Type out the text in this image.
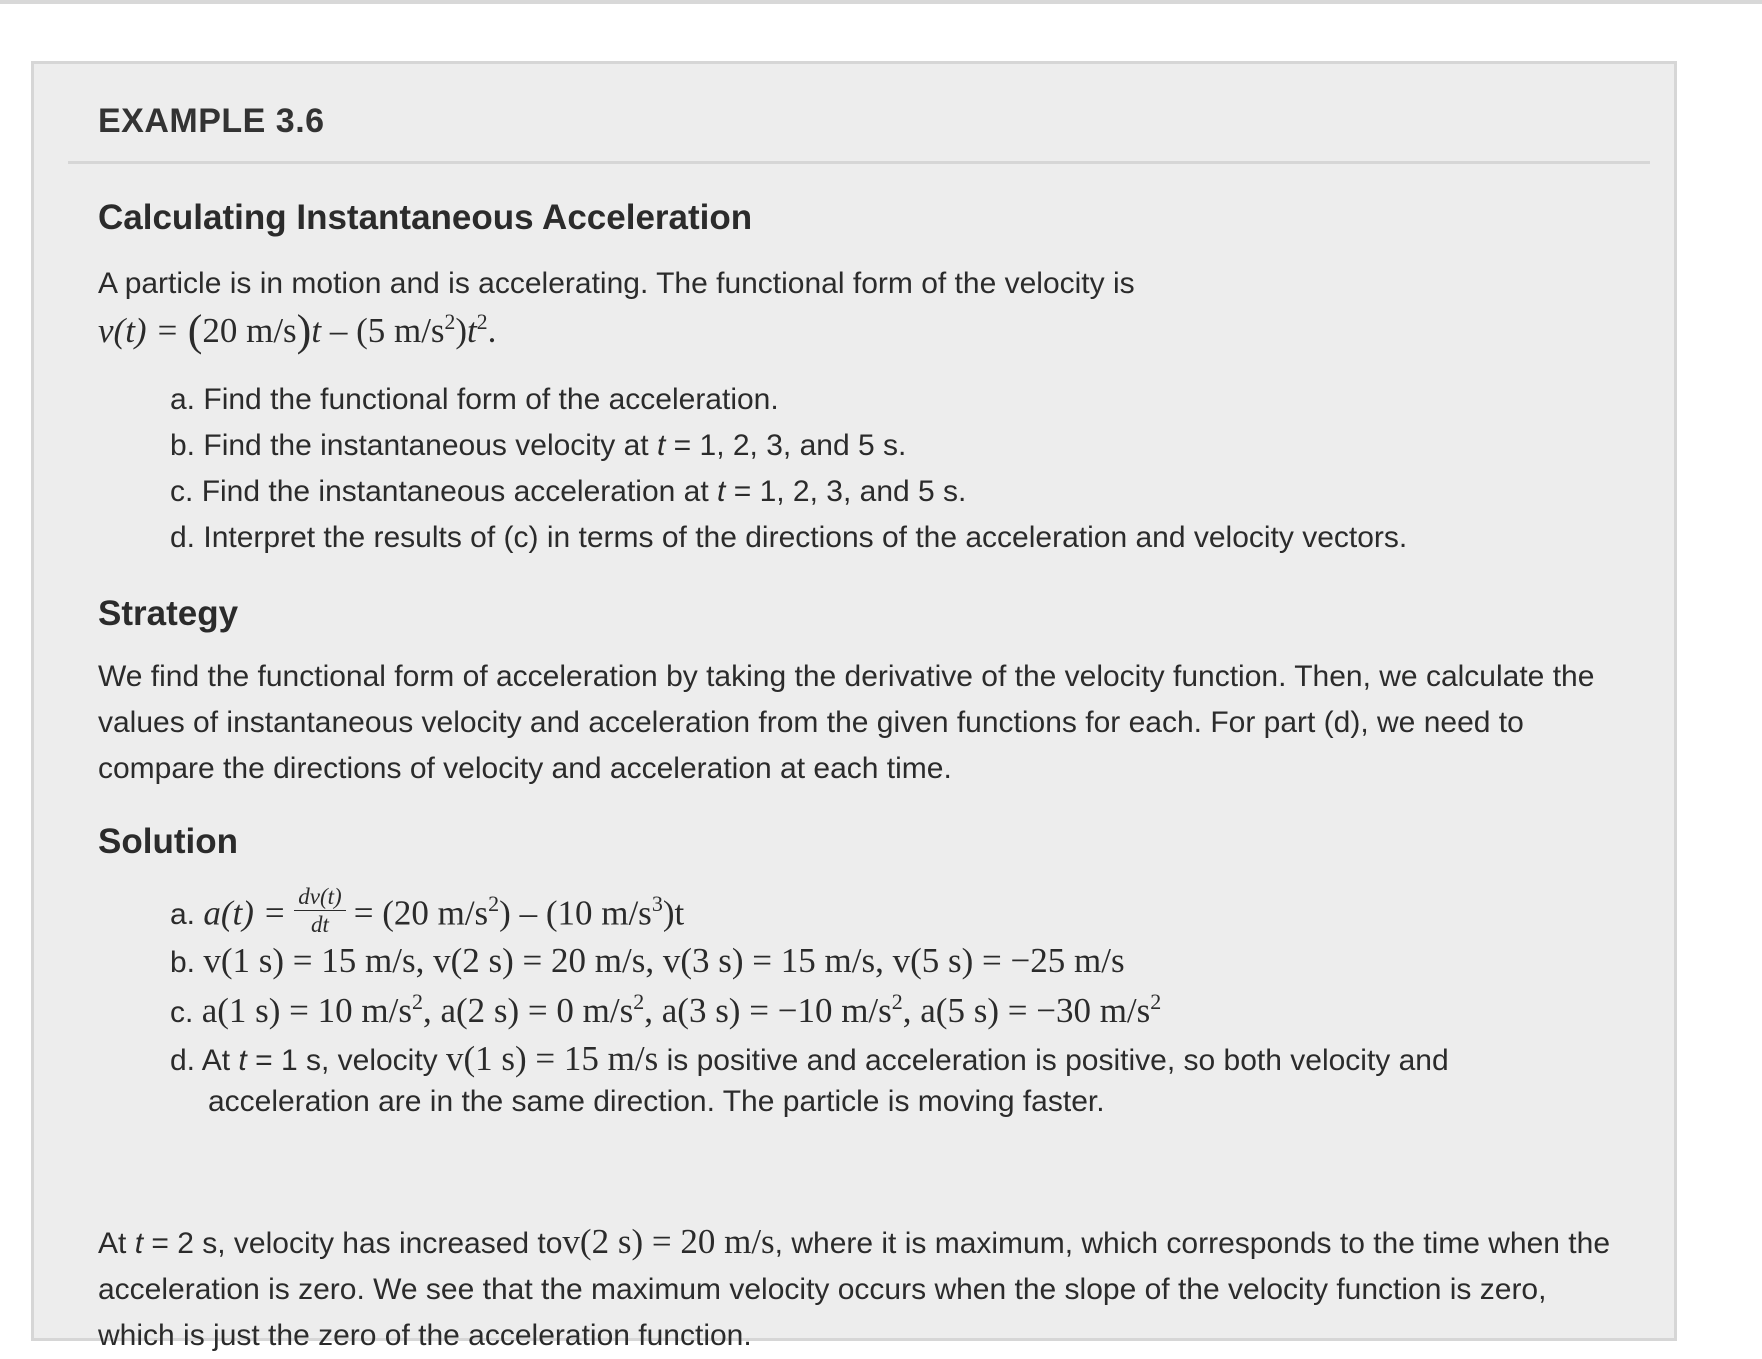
EXAMPLE 3.6
Calculating Instantaneous Acceleration
A particle is in motion and is accelerating. The functional form of the velocity is
v(t) = (20 m/s)t – (5 $m/s^2)t^2$.
a. Find the functional form of the acceleration.
b. Find the instantaneous velocity at t = 1, 2, 3, and 5 s.
c. Find the instantaneous acceleration at t = 1, 2, 3, and 5 s.
d. Interpret the results of (c) in terms of the directions of the acceleration and velocity vectors.
Strategy
We find the functional form of acceleration by taking the derivative of the velocity function. Then, we calculate the values of instantaneous velocity and acceleration from the given functions for each. For part (d), we need to compare the directions of velocity and acceleration at each time.
Solution
a. $a(t) = \frac{dv(t)}{dt} = (20$ $m/s^2) - (10$ $m/s^3)t$
b. v(1 s) = 15 m/s, v(2 s) = 20 m/s, v(3 s) = 15 m/s, v(5 s) = −25 m/s
c. a(1 s) = 10 $m/s^2$, a(2 s) = 0 $m/s^2$, a(3 s) = −10 $m/s^2$, a(5 s) = −30 $m/s^2$
d. At t = 1 s, velocity v(1 s) = 15 m/s is positive and acceleration is positive, so both velocity and
acceleration are in the same direction. The particle is moving faster.
At t = 2 s, velocity has increased tov(2 s) = 20 m/s, where it is maximum, which corresponds to the time when the acceleration is zero. We see that the maximum velocity occurs when the slope of the velocity function is zero, which is just the zero of the acceleration function.
